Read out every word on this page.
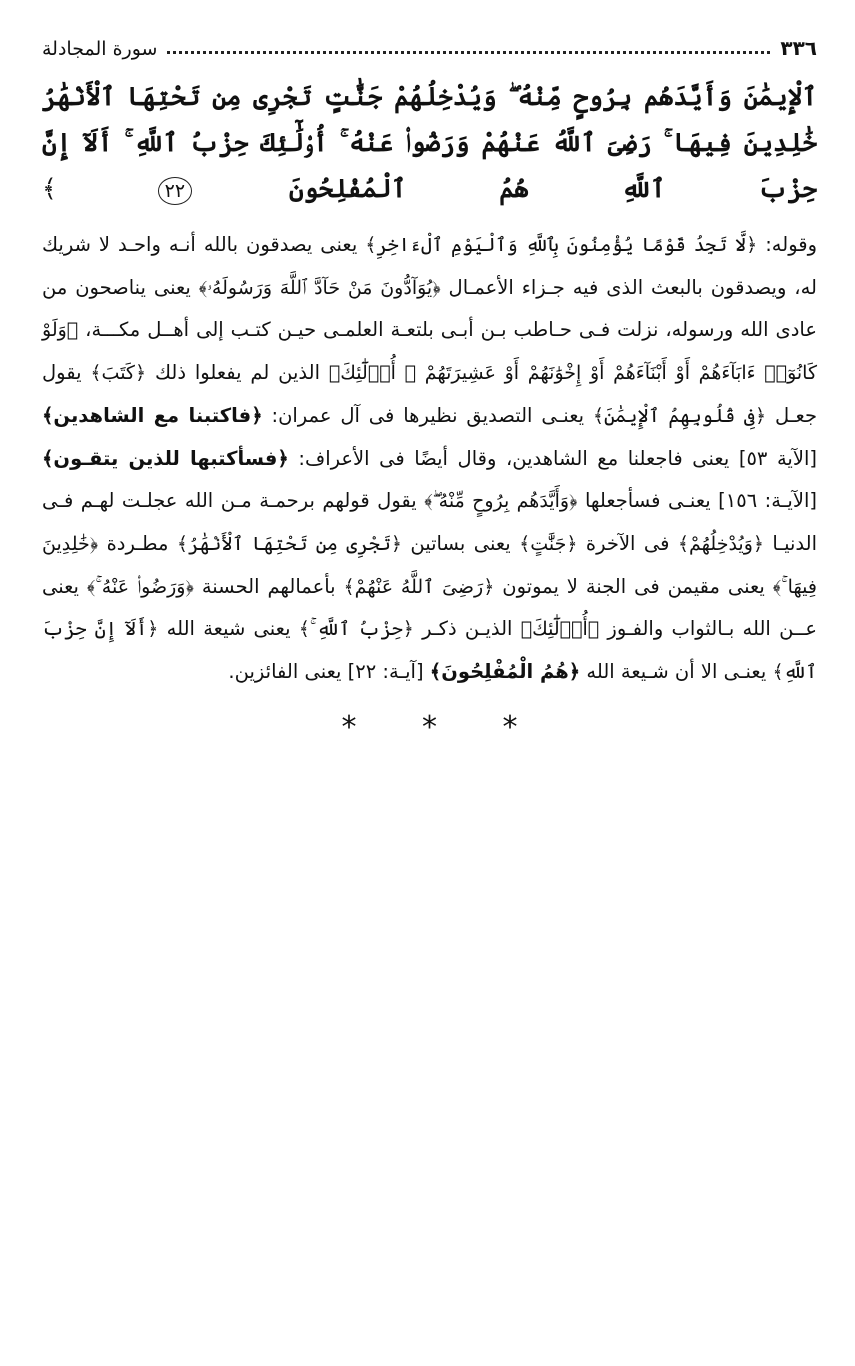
٣٣٦
سورة المجادلة
ٱلْإِيمَٰنَ وَأَيَّدَهُم بِرُوحٍ مِّنْهُ ۖ وَيُدْخِلُهُمْ جَنَّٰتٍ تَجْرِى مِن تَحْتِهَا ٱلْأَنْهَٰرُ خَٰلِدِينَ فِيهَا ۚ رَضِىَ ٱللَّهُ عَنْهُمْ وَرَضُوا۟ عَنْهُ ۚ أُو۟لَٰٓئِكَ حِزْبُ ٱللَّهِ ۚ أَلَآ إِنَّ حِزْبَ ٱللَّهِ هُمُ ٱلْمُفْلِحُونَ ٢٢ ﴾
وقوله: ﴿لَّا تَجِدُ قَوْمًا يُؤْمِنُونَ بِٱللَّهِ وَٱلْيَوْمِ ٱلْءَاخِرِ﴾ يعنى يصدقون بالله أنـه واحـد لا شريك له، ويصدقون بالبعث الذى فيه جـزاء الأعمـال ﴿يُوَآدُّونَ مَنْ حَآدَّ ٱللَّهَ وَرَسُولَهُۥ﴾ يعنى يناصحون من عادى الله ورسوله، نزلت فـى حـاطب بـن أبـى بلتعـة العلمـى حيـن كتـب إلى أهــل مكـــة، ﴿وَلَوْ كَانُوٓا۟ ءَابَآءَهُمْ أَوْ أَبْنَآءَهُمْ أَوْ إِخْوَٰنَهُمْ أَوْ عَشِيرَتَهُمْ ۚ أُو۟لَٰٓئِكَ﴾ الذين لم يفعلوا ذلك ﴿كَتَبَ﴾ يقول جعـل ﴿فِى قُلُوبِهِمُ ٱلْإِيمَٰنَ﴾ يعنـى التصديق نظيرها فى آل عمران: ﴿فاكتبنا مع الشاهدين﴾ [الآية ٥٣] يعنى فاجعلنا مع الشاهدين، وقال أيضًا فى الأعراف: ﴿فسأكتبها للذين يتقـون﴾ [الآيـة: ١٥٦] يعنـى فسأجعلها ﴿وَأَيَّدَهُم بِرُوحٍ مِّنْهُ ۖ﴾ يقول قولهم برحمـة مـن الله عجلـت لهـم فـى الدنيـا ﴿وَيُدْخِلُهُمْ﴾ فى الآخرة ﴿جَنَّٰتٍ﴾ يعنى بساتين ﴿تَجْرِى مِن تَحْتِهَا ٱلْأَنْهَٰرُ﴾ مطـردة ﴿خَٰلِدِينَ فِيهَا ۚ﴾ يعنى مقيمن فى الجنة لا يموتون ﴿رَضِىَ ٱللَّهُ عَنْهُمْ﴾ بأعمالهم الحسنة ﴿وَرَضُوا۟ عَنْهُ ۚ﴾ يعنى عــن الله بـالثواب والفـوز ﴿أُو۟لَٰٓئِكَ﴾ الذيـن ذكـر ﴿حِزْبُ ٱللَّهِ ۚ﴾ يعنى شيعة الله ﴿أَلَآ إِنَّ حِزْبَ ٱللَّهِ﴾ يعنـى الا أن شـيعة الله ﴿هُمُ الْمُفْلِحُونَ﴾ [آيـة: ٢٢] يعنى الفائزين.
* * *
